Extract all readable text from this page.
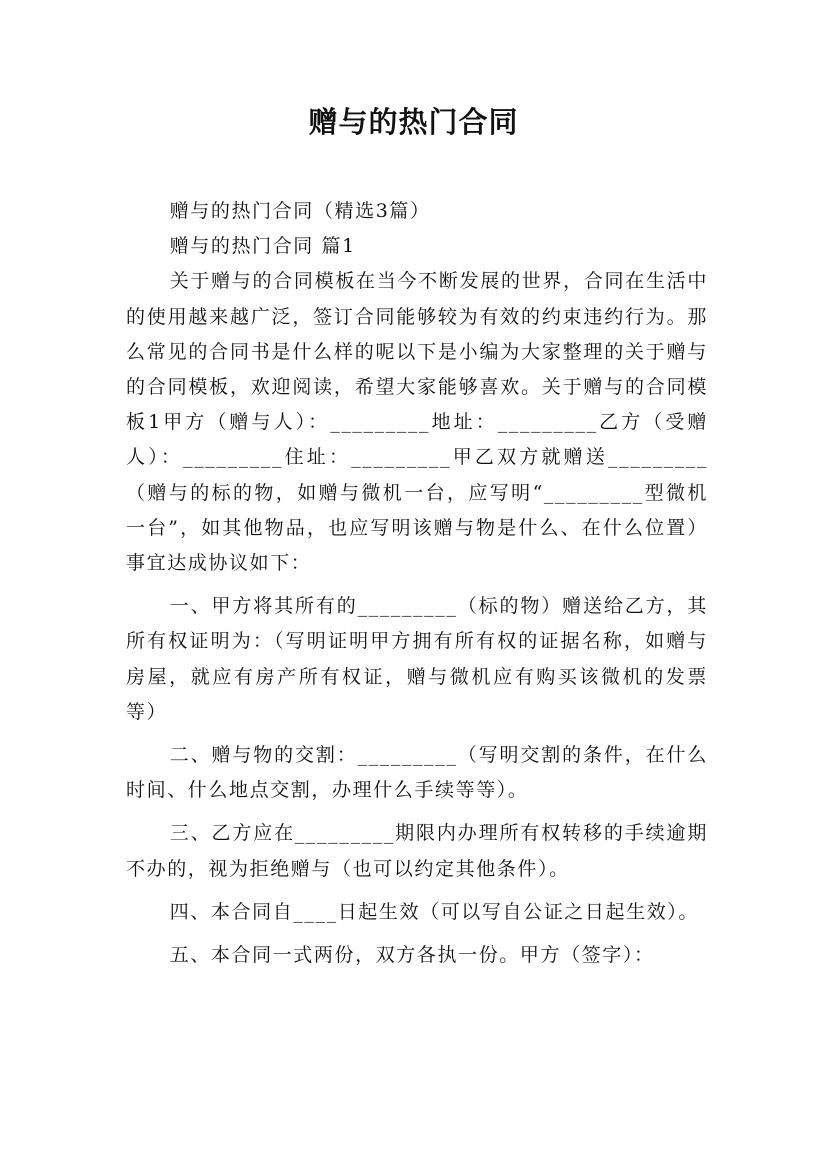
赠与的热门合同

赠与的热门合同（精选3篇）

赠与的热门合同 篇1

关于赠与的合同模板在当今不断发展的世界，合同在生活中的使用越来越广泛，签订合同能够较为有效的约束违约行为。那么常见的合同书是什么样的呢以下是小编为大家整理的关于赠与的合同模板，欢迎阅读，希望大家能够喜欢。关于赠与的合同模板1甲方（赠与人）：_________地址：_________乙方（受赠人）：_________住址：_________甲乙双方就赠送_________（赠与的标的物，如赠与微机一台，应写明“_________型微机一台”，如其他物品，也应写明该赠与物是什么、在什么位置）事宜达成协议如下：

一、甲方将其所有的_________（标的物）赠送给乙方，其所有权证明为：（写明证明甲方拥有所有权的证据名称，如赠与房屋，就应有房产所有权证，赠与微机应有购买该微机的发票等）

二、赠与物的交割：_________（写明交割的条件，在什么时间、什么地点交割，办理什么手续等等）。

三、乙方应在_________期限内办理所有权转移的手续逾期不办的，视为拒绝赠与（也可以约定其他条件）。

四、本合同自____日起生效（可以写自公证之日起生效）。

五、本合同一式两份，双方各执一份。甲方（签字）：
